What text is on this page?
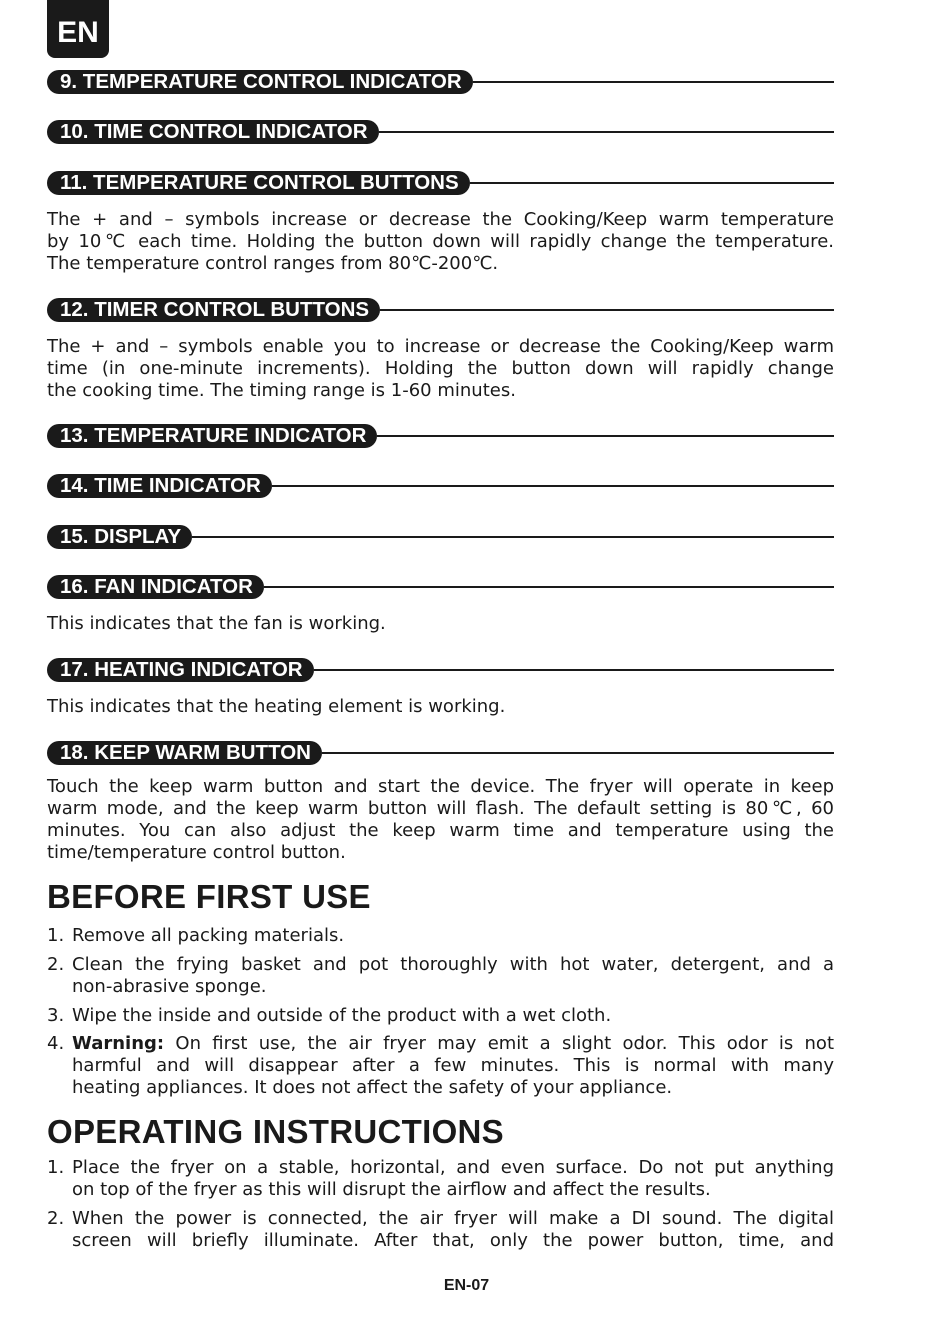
EN
9. TEMPERATURE CONTROL INDICATOR
10. TIME CONTROL INDICATOR
11. TEMPERATURE CONTROL BUTTONS
The + and – symbols increase or decrease the Cooking/Keep warm temperature
by 10℃ each time. Holding the button down will rapidly change the temperature.
The temperature control ranges from 80℃-200℃.
12. TIMER CONTROL BUTTONS
The + and – symbols enable you to increase or decrease the Cooking/Keep warm
time (in one-minute increments). Holding the button down will rapidly change
the cooking time. The timing range is 1-60 minutes.
13. TEMPERATURE INDICATOR
14. TIME INDICATOR
15. DISPLAY
16. FAN INDICATOR
This indicates that the fan is working.
17. HEATING INDICATOR
This indicates that the heating element is working.
18. KEEP WARM BUTTON
Touch the keep warm button and start the device. The fryer will operate in keep
warm mode, and the keep warm button will flash. The default setting is 80℃, 60
minutes. You can also adjust the keep warm time and temperature using the
time/temperature control button.
BEFORE FIRST USE
1. Remove all packing materials.
2. Clean the frying basket and pot thoroughly with hot water, detergent, and a
non-abrasive sponge.
3. Wipe the inside and outside of the product with a wet cloth.
4. Warning: On first use, the air fryer may emit a slight odor. This odor is not
harmful and will disappear after a few minutes. This is normal with many
heating appliances. It does not affect the safety of your appliance.
OPERATING INSTRUCTIONS
1. Place the fryer on a stable, horizontal, and even surface. Do not put anything
on top of the fryer as this will disrupt the airflow and affect the results.
2. When the power is connected, the air fryer will make a DI sound. The digital
screen will briefly illuminate. After that, only the power button, time, and
EN-07
